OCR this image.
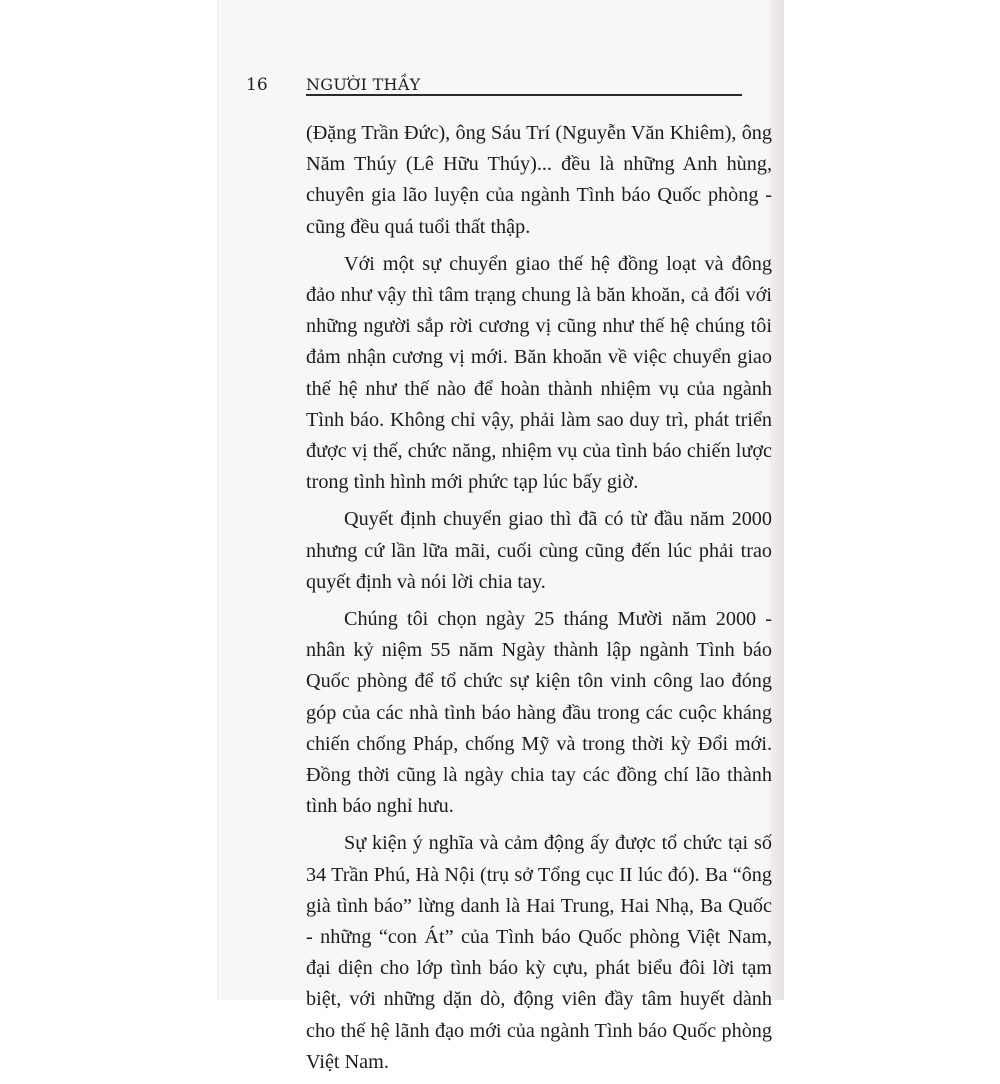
16 NGƯỜI THẦY

(Đặng Trần Đức), ông Sáu Trí (Nguyễn Văn Khiêm), ông Năm Thúy (Lê Hữu Thúy)... đều là những Anh hùng, chuyên gia lão luyện của ngành Tình báo Quốc phòng - cũng đều quá tuổi thất thập.

Với một sự chuyển giao thế hệ đồng loạt và đông đảo như vậy thì tâm trạng chung là băn khoăn, cả đối với những người sắp rời cương vị cũng như thế hệ chúng tôi đảm nhận cương vị mới. Băn khoăn về việc chuyển giao thế hệ như thế nào để hoàn thành nhiệm vụ của ngành Tình báo. Không chỉ vậy, phải làm sao duy trì, phát triển được vị thế, chức năng, nhiệm vụ của tình báo chiến lược trong tình hình mới phức tạp lúc bấy giờ.

Quyết định chuyển giao thì đã có từ đầu năm 2000 nhưng cứ lần lữa mãi, cuối cùng cũng đến lúc phải trao quyết định và nói lời chia tay.

Chúng tôi chọn ngày 25 tháng Mười năm 2000 - nhân kỷ niệm 55 năm Ngày thành lập ngành Tình báo Quốc phòng để tổ chức sự kiện tôn vinh công lao đóng góp của các nhà tình báo hàng đầu trong các cuộc kháng chiến chống Pháp, chống Mỹ và trong thời kỳ Đổi mới. Đồng thời cũng là ngày chia tay các đồng chí lão thành tình báo nghỉ hưu.

Sự kiện ý nghĩa và cảm động ấy được tổ chức tại số 34 Trần Phú, Hà Nội (trụ sở Tổng cục II lúc đó). Ba “ông già tình báo” lừng danh là Hai Trung, Hai Nhạ, Ba Quốc - những “con Át” của Tình báo Quốc phòng Việt Nam, đại diện cho lớp tình báo kỳ cựu, phát biểu đôi lời tạm biệt, với những dặn dò, động viên đầy tâm huyết dành cho thế hệ lãnh đạo mới của ngành Tình báo Quốc phòng Việt Nam.
